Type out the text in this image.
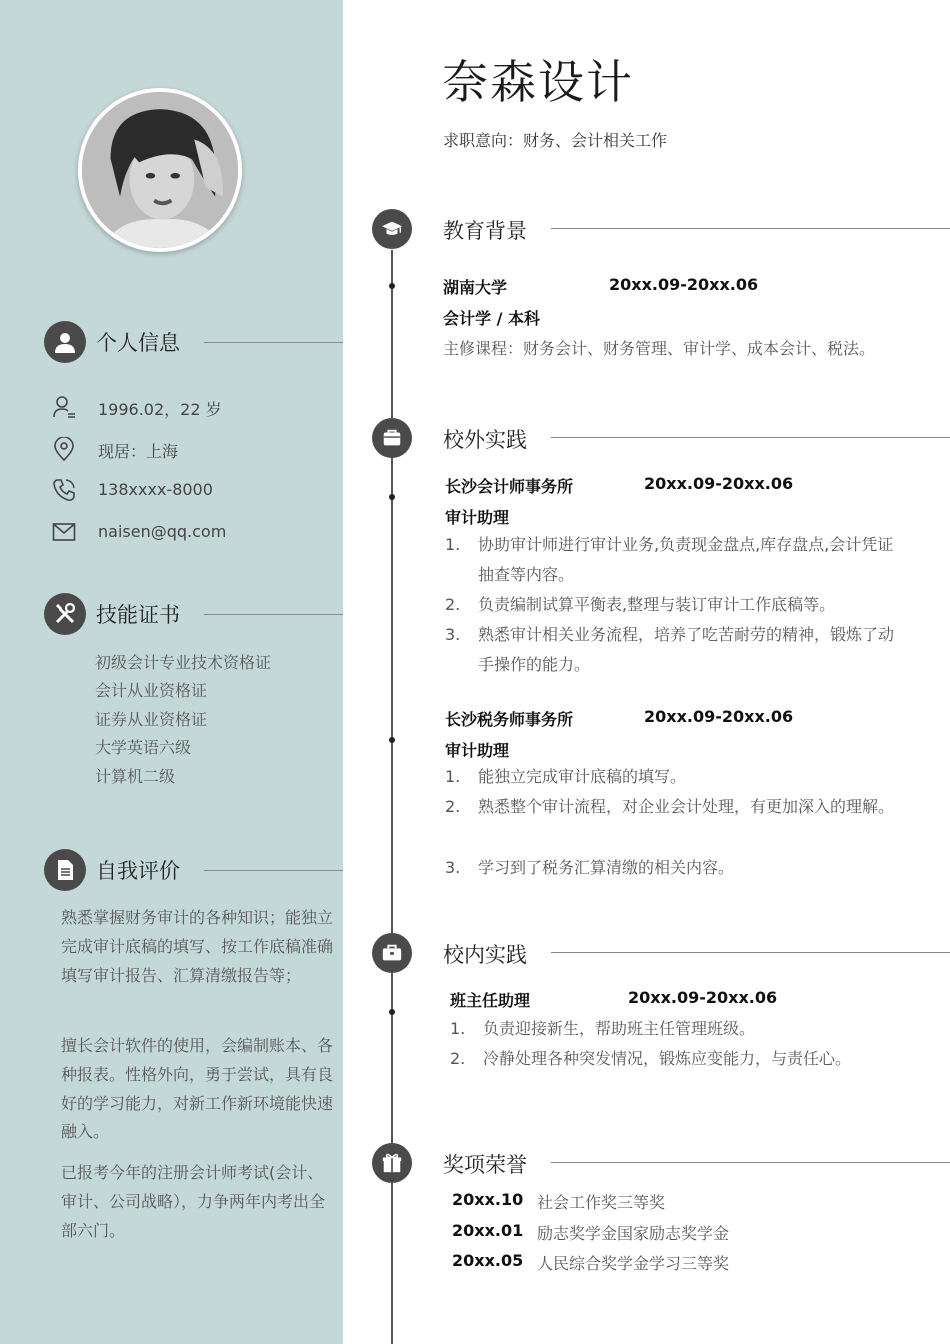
个人信息
1996.02，22 岁
现居：上海
138xxxx-8000
naisen@qq.com
技能证书
初级会计专业技术资格证
会计从业资格证
证券从业资格证
大学英语六级
计算机二级
自我评价
熟悉掌握财务审计的各种知识；能独立完成审计底稿的填写、按工作底稿准确填写审计报告、汇算清缴报告等；
擅长会计软件的使用，会编制账本、各种报表。性格外向，勇于尝试，具有良好的学习能力，对新工作新环境能快速融入。
已报考今年的注册会计师考试(会计、审计、公司战略），力争两年内考出全部六门。
奈森设计
求职意向：财务、会计相关工作
教育背景
湖南大学	20xx.09-20xx.06
会计学 / 本科
主修课程：财务会计、财务管理、审计学、成本会计、税法。
校外实践
长沙会计师事务所	20xx.09-20xx.06
审计助理
1. 协助审计师进行审计业务,负责现金盘点,库存盘点,会计凭证抽查等内容。
2. 负责编制试算平衡表,整理与装订审计工作底稿等。
3. 熟悉审计相关业务流程，培养了吃苦耐劳的精神，锻炼了动手操作的能力。
长沙税务师事务所	20xx.09-20xx.06
审计助理
1. 能独立完成审计底稿的填写。
2. 熟悉整个审计流程，对企业会计处理，有更加深入的理解。
3. 学习到了税务汇算清缴的相关内容。
校内实践
班主任助理	20xx.09-20xx.06
1. 负责迎接新生，帮助班主任管理班级。
2. 冷静处理各种突发情况，锻炼应变能力，与责任心。
奖项荣誉
20xx.10 社会工作奖三等奖
20xx.01 励志奖学金国家励志奖学金
20xx.05 人民综合奖学金学习三等奖
